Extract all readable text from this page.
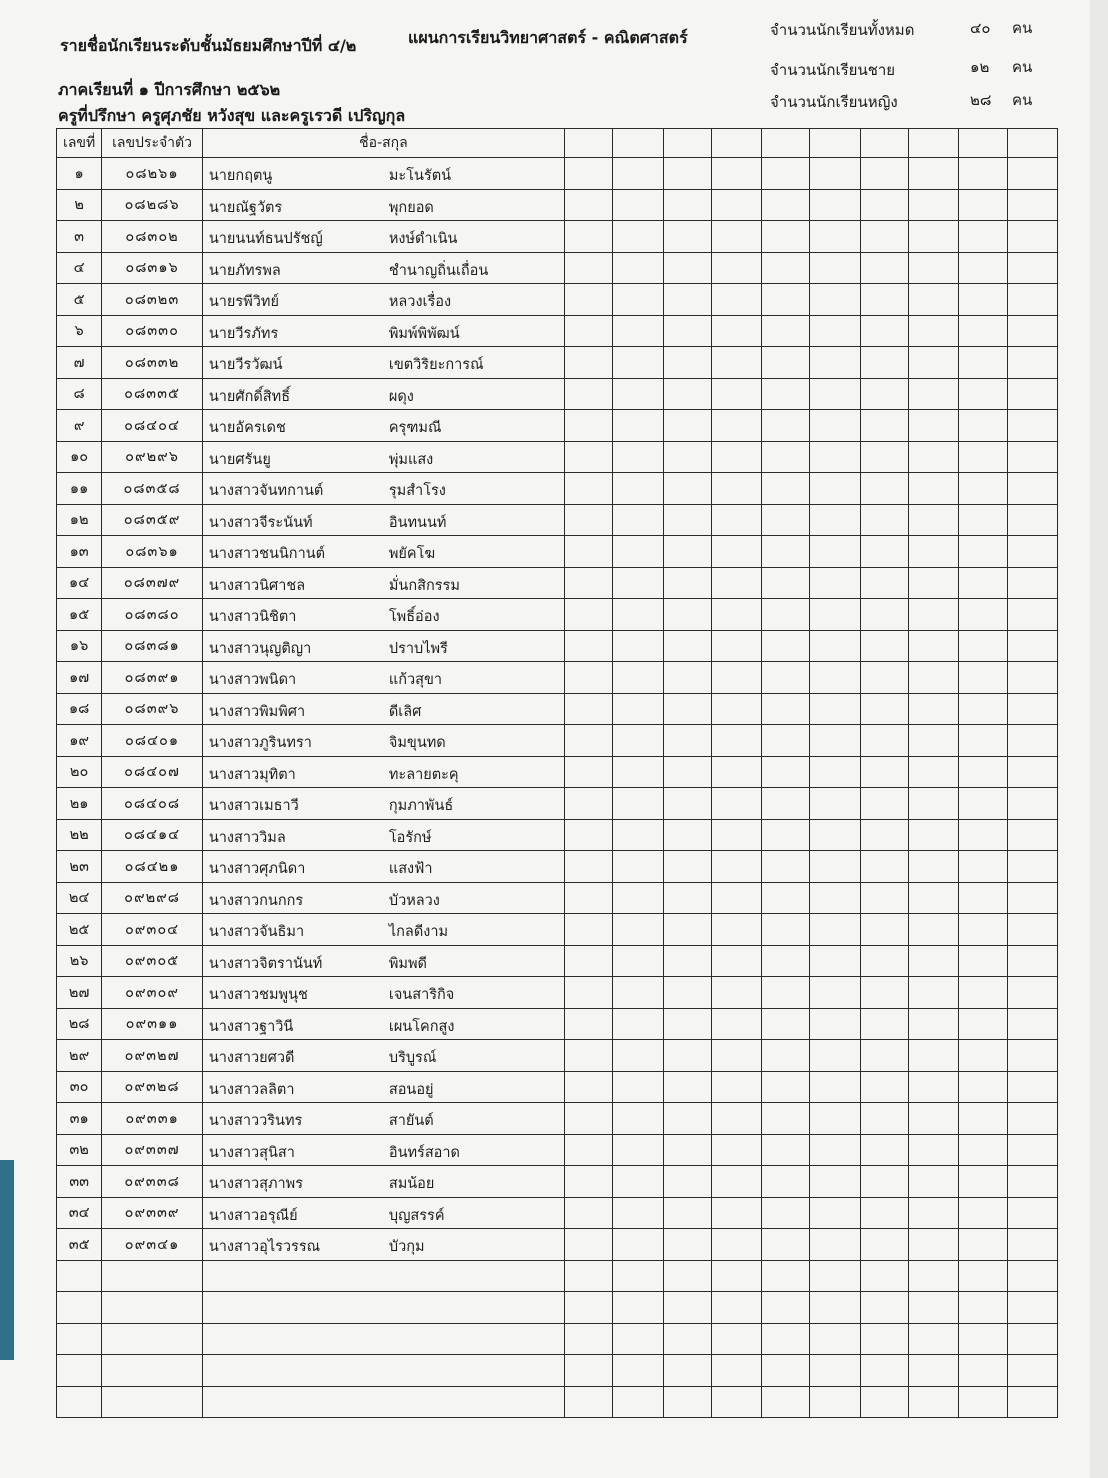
รายชื่อนักเรียนระดับชั้นมัธยมศึกษาปีที่ ๔/๒	แผนการเรียนวิทยาศาสตร์ - คณิตศาสตร์
ภาคเรียนที่ ๑ ปีการศึกษา ๒๕๖๒
ครูที่ปรึกษา ครูศุภชัย หวังสุข และครูเรวดี เปริญกุล
จำนวนนักเรียนทั้งหมด	๔๐ คน
จำนวนนักเรียนชาย	๑๒ คน
จำนวนนักเรียนหญิง	๒๘ คน
เลขที่	เลขประจำตัว	ชื่อ-สกุล										
๑	๐๘๒๖๑	นายกฤตนู มะโนรัตน์										

๒	๐๘๒๘๖	นายณัฐวัตร พุกยอด										

๓	๐๘๓๐๒	นายนนท์ธนปรัชญ์ หงษ์ดำเนิน										

๔	๐๘๓๑๖	นายภัทรพล ชำนาญถิ่นเถื่อน										

๕	๐๘๓๒๓	นายรพีวิทย์ หลวงเรื่อง										

๖	๐๘๓๓๐	นายวีรภัทร พิมพ์พิพัฒน์										

๗	๐๘๓๓๒	นายวีรวัฒน์ เขตวิริยะการณ์										

๘	๐๘๓๓๕	นายศักดิ์สิทธิ์ ผดุง										

๙	๐๘๔๐๔	นายอัครเดช ครุฑมณี										

๑๐	๐๙๒๙๖	นายศรันยู พุ่มแสง										

๑๑	๐๘๓๕๘	นางสาวจันทกานต์ รุมสำโรง										

๑๒	๐๘๓๕๙	นางสาวจีระนันท์ อินทนนท์										

๑๓	๐๘๓๖๑	นางสาวชนนิกานต์ พยัคโฆ										

๑๔	๐๘๓๗๙	นางสาวนิศาชล มั่นกสิกรรม										

๑๕	๐๘๓๘๐	นางสาวนิชิตา โพธิ์อ่อง										

๑๖	๐๘๓๘๑	นางสาวนุญติญา ปราบไพรี										

๑๗	๐๘๓๙๑	นางสาวพนิดา แก้วสุขา										

๑๘	๐๘๓๙๖	นางสาวพิมพิศา ดีเลิศ										

๑๙	๐๘๔๐๑	นางสาวภูรินทรา จิมขุนทด										

๒๐	๐๘๔๐๗	นางสาวมุทิตา ทะลายตะคุ										

๒๑	๐๘๔๐๘	นางสาวเมธาวี กุมภาพันธ์										

๒๒	๐๘๔๑๔	นางสาววิมล โอรักษ์										

๒๓	๐๘๔๒๑	นางสาวศุภนิดา แสงฟ้า										

๒๔	๐๙๒๙๘	นางสาวกนกกร บัวหลวง										

๒๕	๐๙๓๐๔	นางสาวจันธิมา ไกลดีงาม										

๒๖	๐๙๓๐๕	นางสาวจิตรานันท์ พิมพดี										

๒๗	๐๙๓๐๙	นางสาวชมพูนุช เจนสาริกิจ										

๒๘	๐๙๓๑๑	นางสาวฐาวินี เผนโคกสูง										

๒๙	๐๙๓๒๗	นางสาวยศวดี บริบูรณ์										

๓๐	๐๙๓๒๘	นางสาวลลิตา สอนอยู่										

๓๑	๐๙๓๓๑	นางสาววรินทร สายันต์										

๓๒	๐๙๓๓๗	นางสาวสุนิสา อินทร์สอาด										

๓๓	๐๙๓๓๘	นางสาวสุภาพร สมน้อย										

๓๔	๐๙๓๓๙	นางสาวอรุณีย์ บุญสรรค์										

๓๕	๐๙๓๔๑	นางสาวอุไรวรรณ บัวกุม										
